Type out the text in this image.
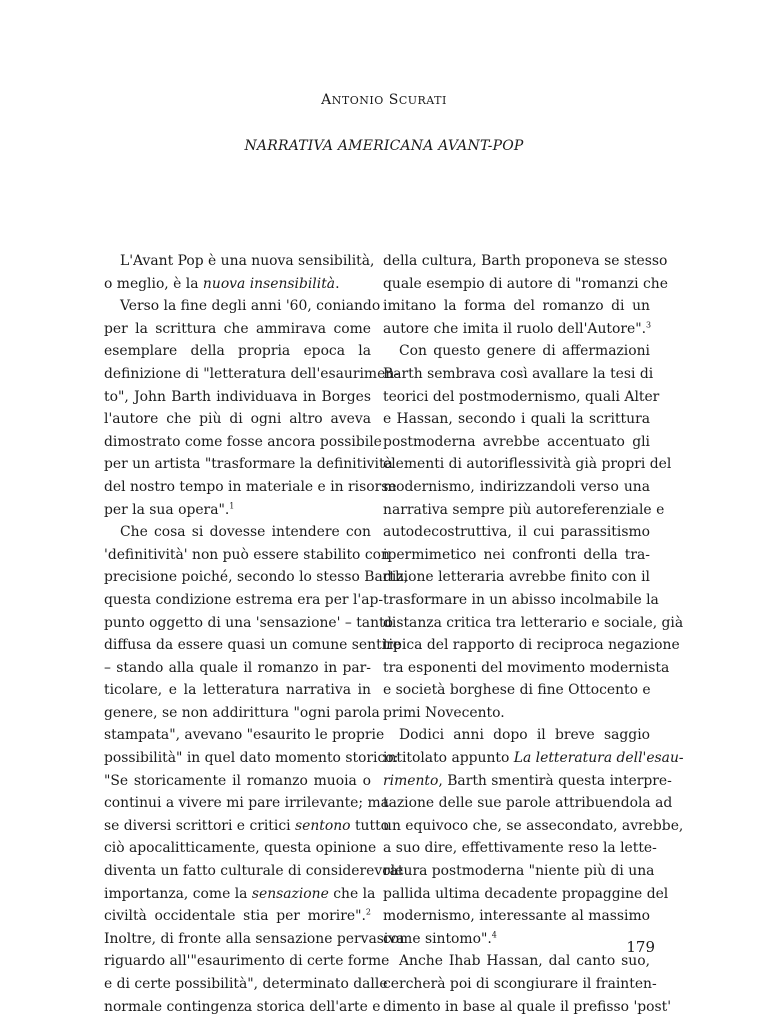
ANTONIO SCURATI
NARRATIVA AMERICANA AVANT-POP
L'Avant Pop è una nuova sensibilità,
o meglio, è la nuova insensibilità.
Verso la fine degli anni '60, coniando
per la scrittura che ammirava come
esemplare della propria epoca la
definizione di "letteratura dell'esaurimen-
to", John Barth individuava in Borges
l'autore che più di ogni altro aveva
dimostrato come fosse ancora possibile
per un artista "trasformare la definitività
del nostro tempo in materiale e in risorse
per la sua opera".$^1$
Che cosa si dovesse intendere con
'definitività' non può essere stabilito con
precisione poiché, secondo lo stesso Barth,
questa condizione estrema era per l'ap-
punto oggetto di una 'sensazione' – tanto
diffusa da essere quasi un comune sentire
– stando alla quale il romanzo in par-
ticolare, e la letteratura narrativa in
genere, se non addirittura "ogni parola
stampata", avevano "esaurito le proprie
possibilità" in quel dato momento storico:
"Se storicamente il romanzo muoia o
continui a vivere mi pare irrilevante; ma
se diversi scrittori e critici sentono tutto
ciò apocalitticamente, questa opinione
diventa un fatto culturale di considerevole
importanza, come la sensazione che la
civiltà occidentale stia per morire".$^2$
Inoltre, di fronte alla sensazione pervasiva
riguardo all'"esaurimento di certe forme
e di certe possibilità", determinato dalle
normale contingenza storica dell'arte e
della cultura, Barth proponeva se stesso
quale esempio di autore di "romanzi che
imitano la forma del romanzo di un
autore che imita il ruolo dell'Autore".$^3$
Con questo genere di affermazioni
Barth sembrava così avallare la tesi di
teorici del postmodernismo, quali Alter
e Hassan, secondo i quali la scrittura
postmoderna avrebbe accentuato gli
elementi di autoriflessività già propri del
modernismo, indirizzandoli verso una
narrativa sempre più autoreferenziale e
autodecostruttiva, il cui parassitismo
ipermimetico nei confronti della tra-
dizione letteraria avrebbe finito con il
trasformare in un abisso incolmabile la
distanza critica tra letterario e sociale, già
tipica del rapporto di reciproca negazione
tra esponenti del movimento modernista
e società borghese di fine Ottocento e
primi Novecento.
Dodici anni dopo il breve saggio
intitolato appunto La letteratura dell'esau-
rimento, Barth smentirà questa interpre-
tazione delle sue parole attribuendola ad
un equivoco che, se assecondato, avrebbe,
a suo dire, effettivamente reso la lette-
ratura postmoderna "niente più di una
pallida ultima decadente propaggine del
modernismo, interessante al massimo
come sintomo".$^4$
Anche Ihab Hassan, dal canto suo,
cercherà poi di scongiurare il frainten-
dimento in base al quale il prefisso 'post'
179
